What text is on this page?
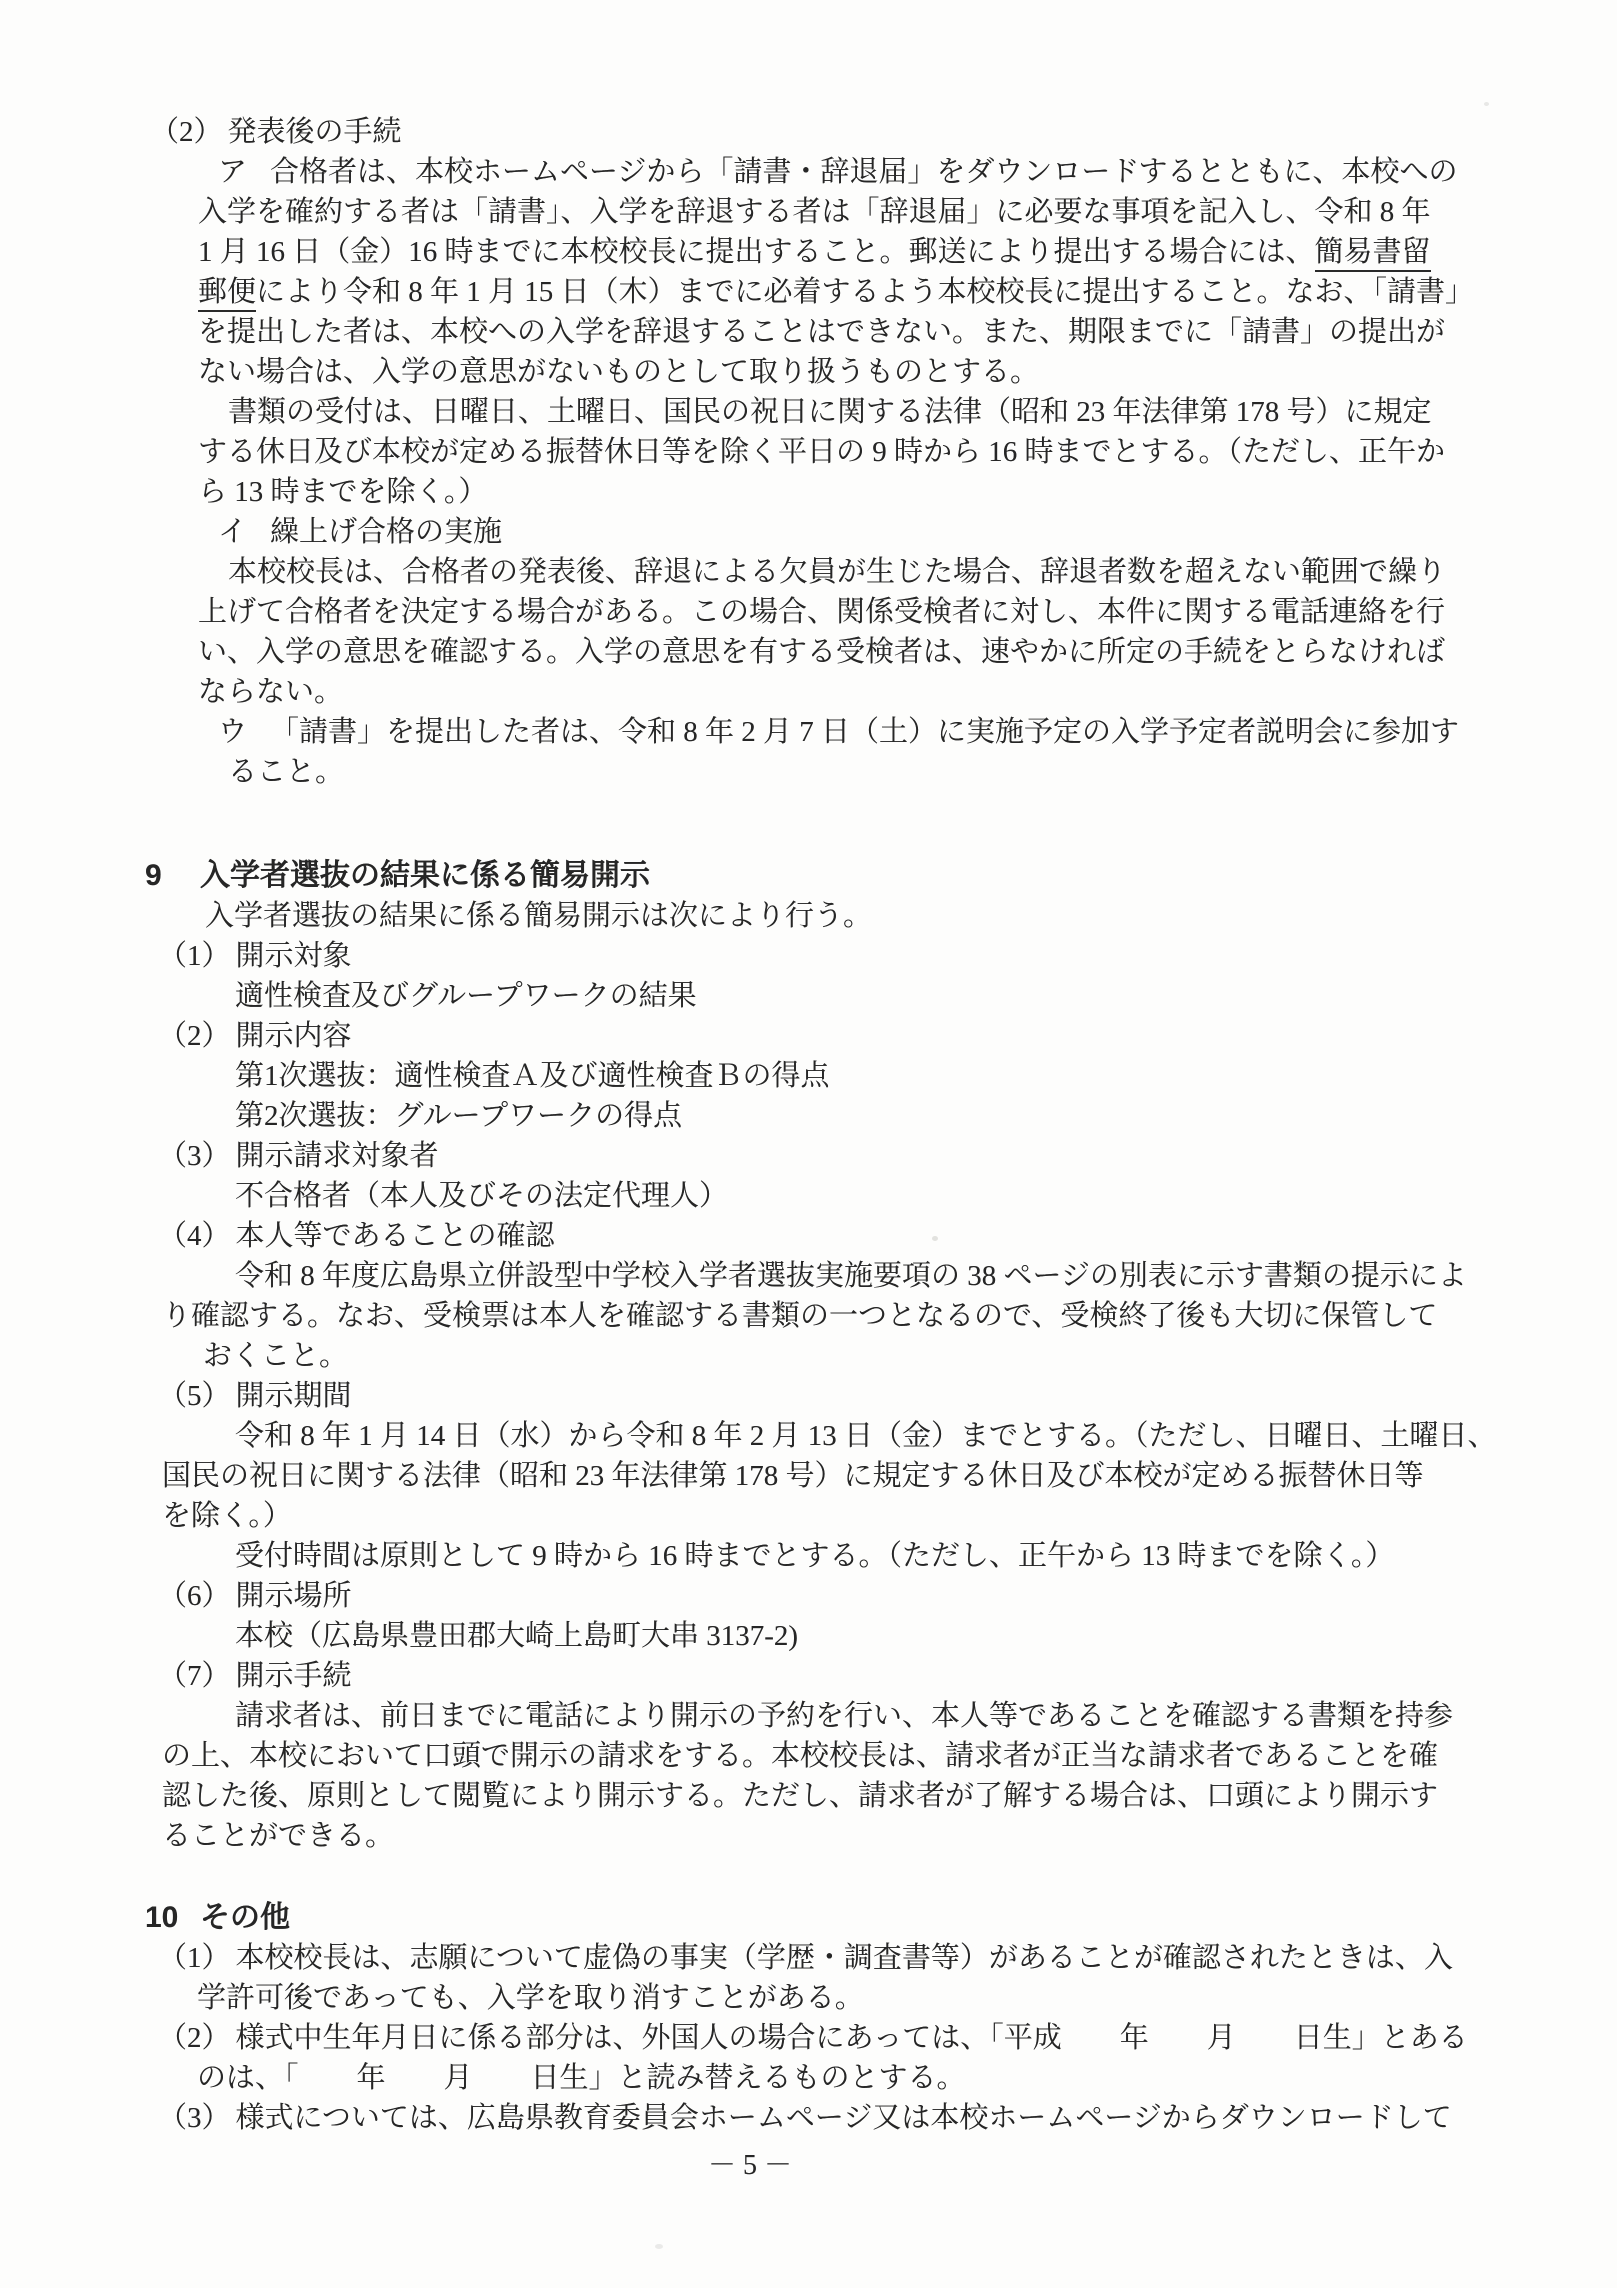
（2） 発表後の手続
ア 合格者は、本校ホームページから「請書・辞退届」をダウンロードするとともに、本校への
入学を確約する者は「請書」、入学を辞退する者は「辞退届」に必要な事項を記入し、令和 8 年
1 月 16 日（金）16 時までに本校校長に提出すること。郵送により提出する場合には、簡易書留
郵便により令和 8 年 1 月 15 日（木）までに必着するよう本校校長に提出すること。なお、「請書」
を提出した者は、本校への入学を辞退することはできない。また、期限までに「請書」の提出が
ない場合は、入学の意思がないものとして取り扱うものとする。
書類の受付は、日曜日、土曜日、国民の祝日に関する法律（昭和 23 年法律第 178 号）に規定
する休日及び本校が定める振替休日等を除く平日の 9 時から 16 時までとする。（ただし、正午か
ら 13 時までを除く。）
イ 繰上げ合格の実施
本校校長は、合格者の発表後、辞退による欠員が生じた場合、辞退者数を超えない範囲で繰り
上げて合格者を決定する場合がある。この場合、関係受検者に対し、本件に関する電話連絡を行
い、入学の意思を確認する。入学の意思を有する受検者は、速やかに所定の手続をとらなければ
ならない。
ウ 「請書」を提出した者は、令和 8 年 2 月 7 日（土）に実施予定の入学予定者説明会に参加す
ること。
9 入学者選抜の結果に係る簡易開示
入学者選抜の結果に係る簡易開示は次により行う。
（1） 開示対象
適性検査及びグループワークの結果
（2） 開示内容
第1次選抜：適性検査Ａ及び適性検査Ｂの得点
第2次選抜：グループワークの得点
（3） 開示請求対象者
不合格者（本人及びその法定代理人）
（4） 本人等であることの確認
令和 8 年度広島県立併設型中学校入学者選抜実施要項の 38 ページの別表に示す書類の提示によ
り確認する。なお、受検票は本人を確認する書類の一つとなるので、受検終了後も大切に保管して
おくこと。
（5） 開示期間
令和 8 年 1 月 14 日（水）から令和 8 年 2 月 13 日（金）までとする。（ただし、日曜日、土曜日、
国民の祝日に関する法律（昭和 23 年法律第 178 号）に規定する休日及び本校が定める振替休日等
を除く。）
受付時間は原則として 9 時から 16 時までとする。（ただし、正午から 13 時までを除く。）
（6） 開示場所
本校（広島県豊田郡大崎上島町大串 3137-2)
（7） 開示手続
請求者は、前日までに電話により開示の予約を行い、本人等であることを確認する書類を持参
の上、本校において口頭で開示の請求をする。本校校長は、請求者が正当な請求者であることを確
認した後、原則として閲覧により開示する。ただし、請求者が了解する場合は、口頭により開示す
ることができる。
10 その他
（1） 本校校長は、志願について虚偽の事実（学歴・調査書等）があることが確認されたときは、入
学許可後であっても、入学を取り消すことがある。
（2） 様式中生年月日に係る部分は、外国人の場合にあっては、「平成　　年　　月　　日生」とある
のは、「　　年　　月　　日生」と読み替えるものとする。
（3） 様式については、広島県教育委員会ホームページ又は本校ホームページからダウンロードして
－ 5 －
